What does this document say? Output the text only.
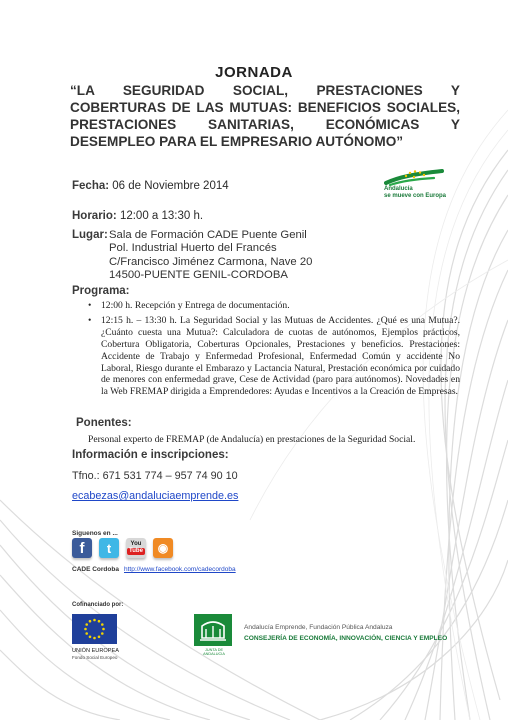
JORNADA
“LA SEGURIDAD SOCIAL, PRESTACIONES Y COBERTURAS DE LAS MUTUAS: BENEFICIOS SOCIALES, PRESTACIONES SANITARIAS, ECONÓMICAS Y DESEMPLEO PARA EL EMPRESARIO AUTÓNOMO”
Andalucía
se mueve con Europa
Fecha: 06 de Noviembre 2014
Horario: 12:00 a 13:30 h.
Lugar: Sala de Formación CADE Puente Genil
Pol. Industrial Huerto del Francés
C/Francisco Jiménez Carmona, Nave 20
14500-PUENTE GENIL-CORDOBA
Programa:
• 12:00 h. Recepción y Entrega de documentación.
• 12:15 h. – 13:30 h. La Seguridad Social y las Mutuas de Accidentes. ¿Qué es una Mutua?. ¿Cuánto cuesta una Mutua?: Calculadora de cuotas de autónomos, Ejemplos prácticos, Cobertura Obligatoria, Coberturas Opcionales, Prestaciones y beneficios. Prestaciones: Accidente de Trabajo y Enfermedad Profesional, Enfermedad Común y accidente No Laboral, Riesgo durante el Embarazo y Lactancia Natural, Prestación económica por cuidado de menores con enfermedad grave, Cese de Actividad (paro para autónomos). Novedades en la Web FREMAP dirigida a Emprendedores: Ayudas e Incentivos a la Creación de Empresas.
Ponentes:
Personal experto de FREMAP (de Andalucía) en prestaciones de la Seguridad Social.
Información e inscripciones:
Tfno.: 671 531 774 – 957 74 90 10
ecabezas@andaluciaemprende.es
Siguenos en ...
f	t	You
Tube	◉
CADE Cordoba http://www.facebook.com/cadecordoba
Cofinanciado por:
UNIÓN EUROPEA
Fondo Social Europeo
JUNTA DE ANDALUCIA
Andalucía Emprende, Fundación Pública Andaluza
CONSEJERÍA DE ECONOMÍA, INNOVACIÓN, CIENCIA Y EMPLEO
